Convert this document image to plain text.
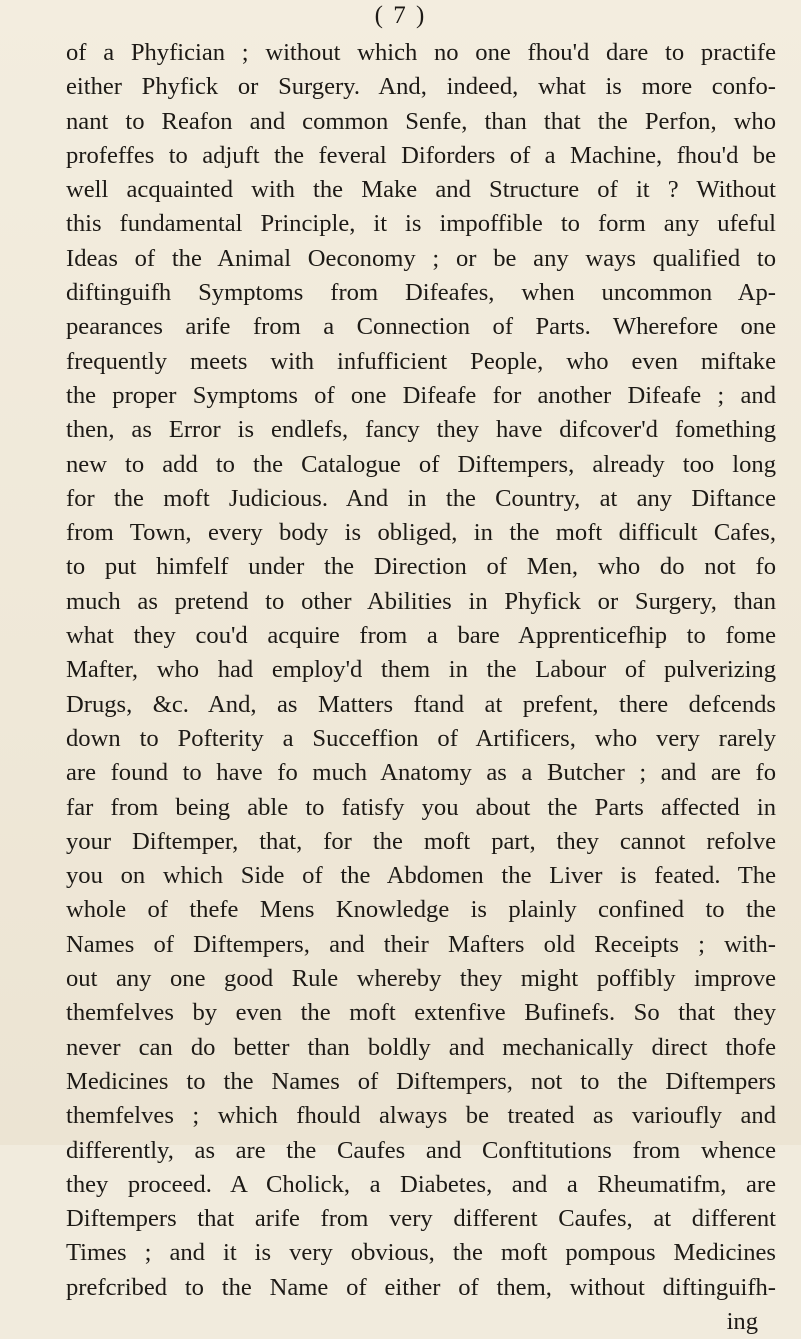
( 7 )
of a Phyfician ; without which no one fhou'd dare to practife
either Phyfick or Surgery. And, indeed, what is more confo-
nant to Reafon and common Senfe, than that the Perfon, who
profeffes to adjuft the feveral Diforders of a Machine, fhou'd be
well acquainted with the Make and Structure of it ? Without
this fundamental Principle, it is impoffible to form any ufeful
Ideas of the Animal Oeconomy ; or be any ways qualified to
diftinguifh Symptoms from Difeafes, when uncommon Ap-
pearances arife from a Connection of Parts. Wherefore one
frequently meets with infufficient People, who even miftake
the proper Symptoms of one Difeafe for another Difeafe ; and
then, as Error is endlefs, fancy they have difcover'd fomething
new to add to the Catalogue of Diftempers, already too long
for the moft Judicious. And in the Country, at any Diftance
from Town, every body is obliged, in the moft difficult Cafes,
to put himfelf under the Direction of Men, who do not fo
much as pretend to other Abilities in Phyfick or Surgery, than
what they cou'd acquire from a bare Apprenticefhip to fome
Mafter, who had employ'd them in the Labour of pulverizing
Drugs, &c. And, as Matters ftand at prefent, there defcends
down to Pofterity a Succeffion of Artificers, who very rarely
are found to have fo much Anatomy as a Butcher ; and are fo
far from being able to fatisfy you about the Parts affected in
your Diftemper, that, for the moft part, they cannot refolve
you on which Side of the Abdomen the Liver is feated. The
whole of thefe Mens Knowledge is plainly confined to the
Names of Diftempers, and their Mafters old Receipts ; with-
out any one good Rule whereby they might poffibly improve
themfelves by even the moft extenfive Bufinefs. So that they
never can do better than boldly and mechanically direct thofe
Medicines to the Names of Diftempers, not to the Diftempers
themfelves ; which fhould always be treated as varioufly and
differently, as are the Caufes and Conftitutions from whence
they proceed. A Cholick, a Diabetes, and a Rheumatifm, are
Diftempers that arife from very different Caufes, at different
Times ; and it is very obvious, the moft pompous Medicines
prefcribed to the Name of either of them, without diftinguifh-
ing
